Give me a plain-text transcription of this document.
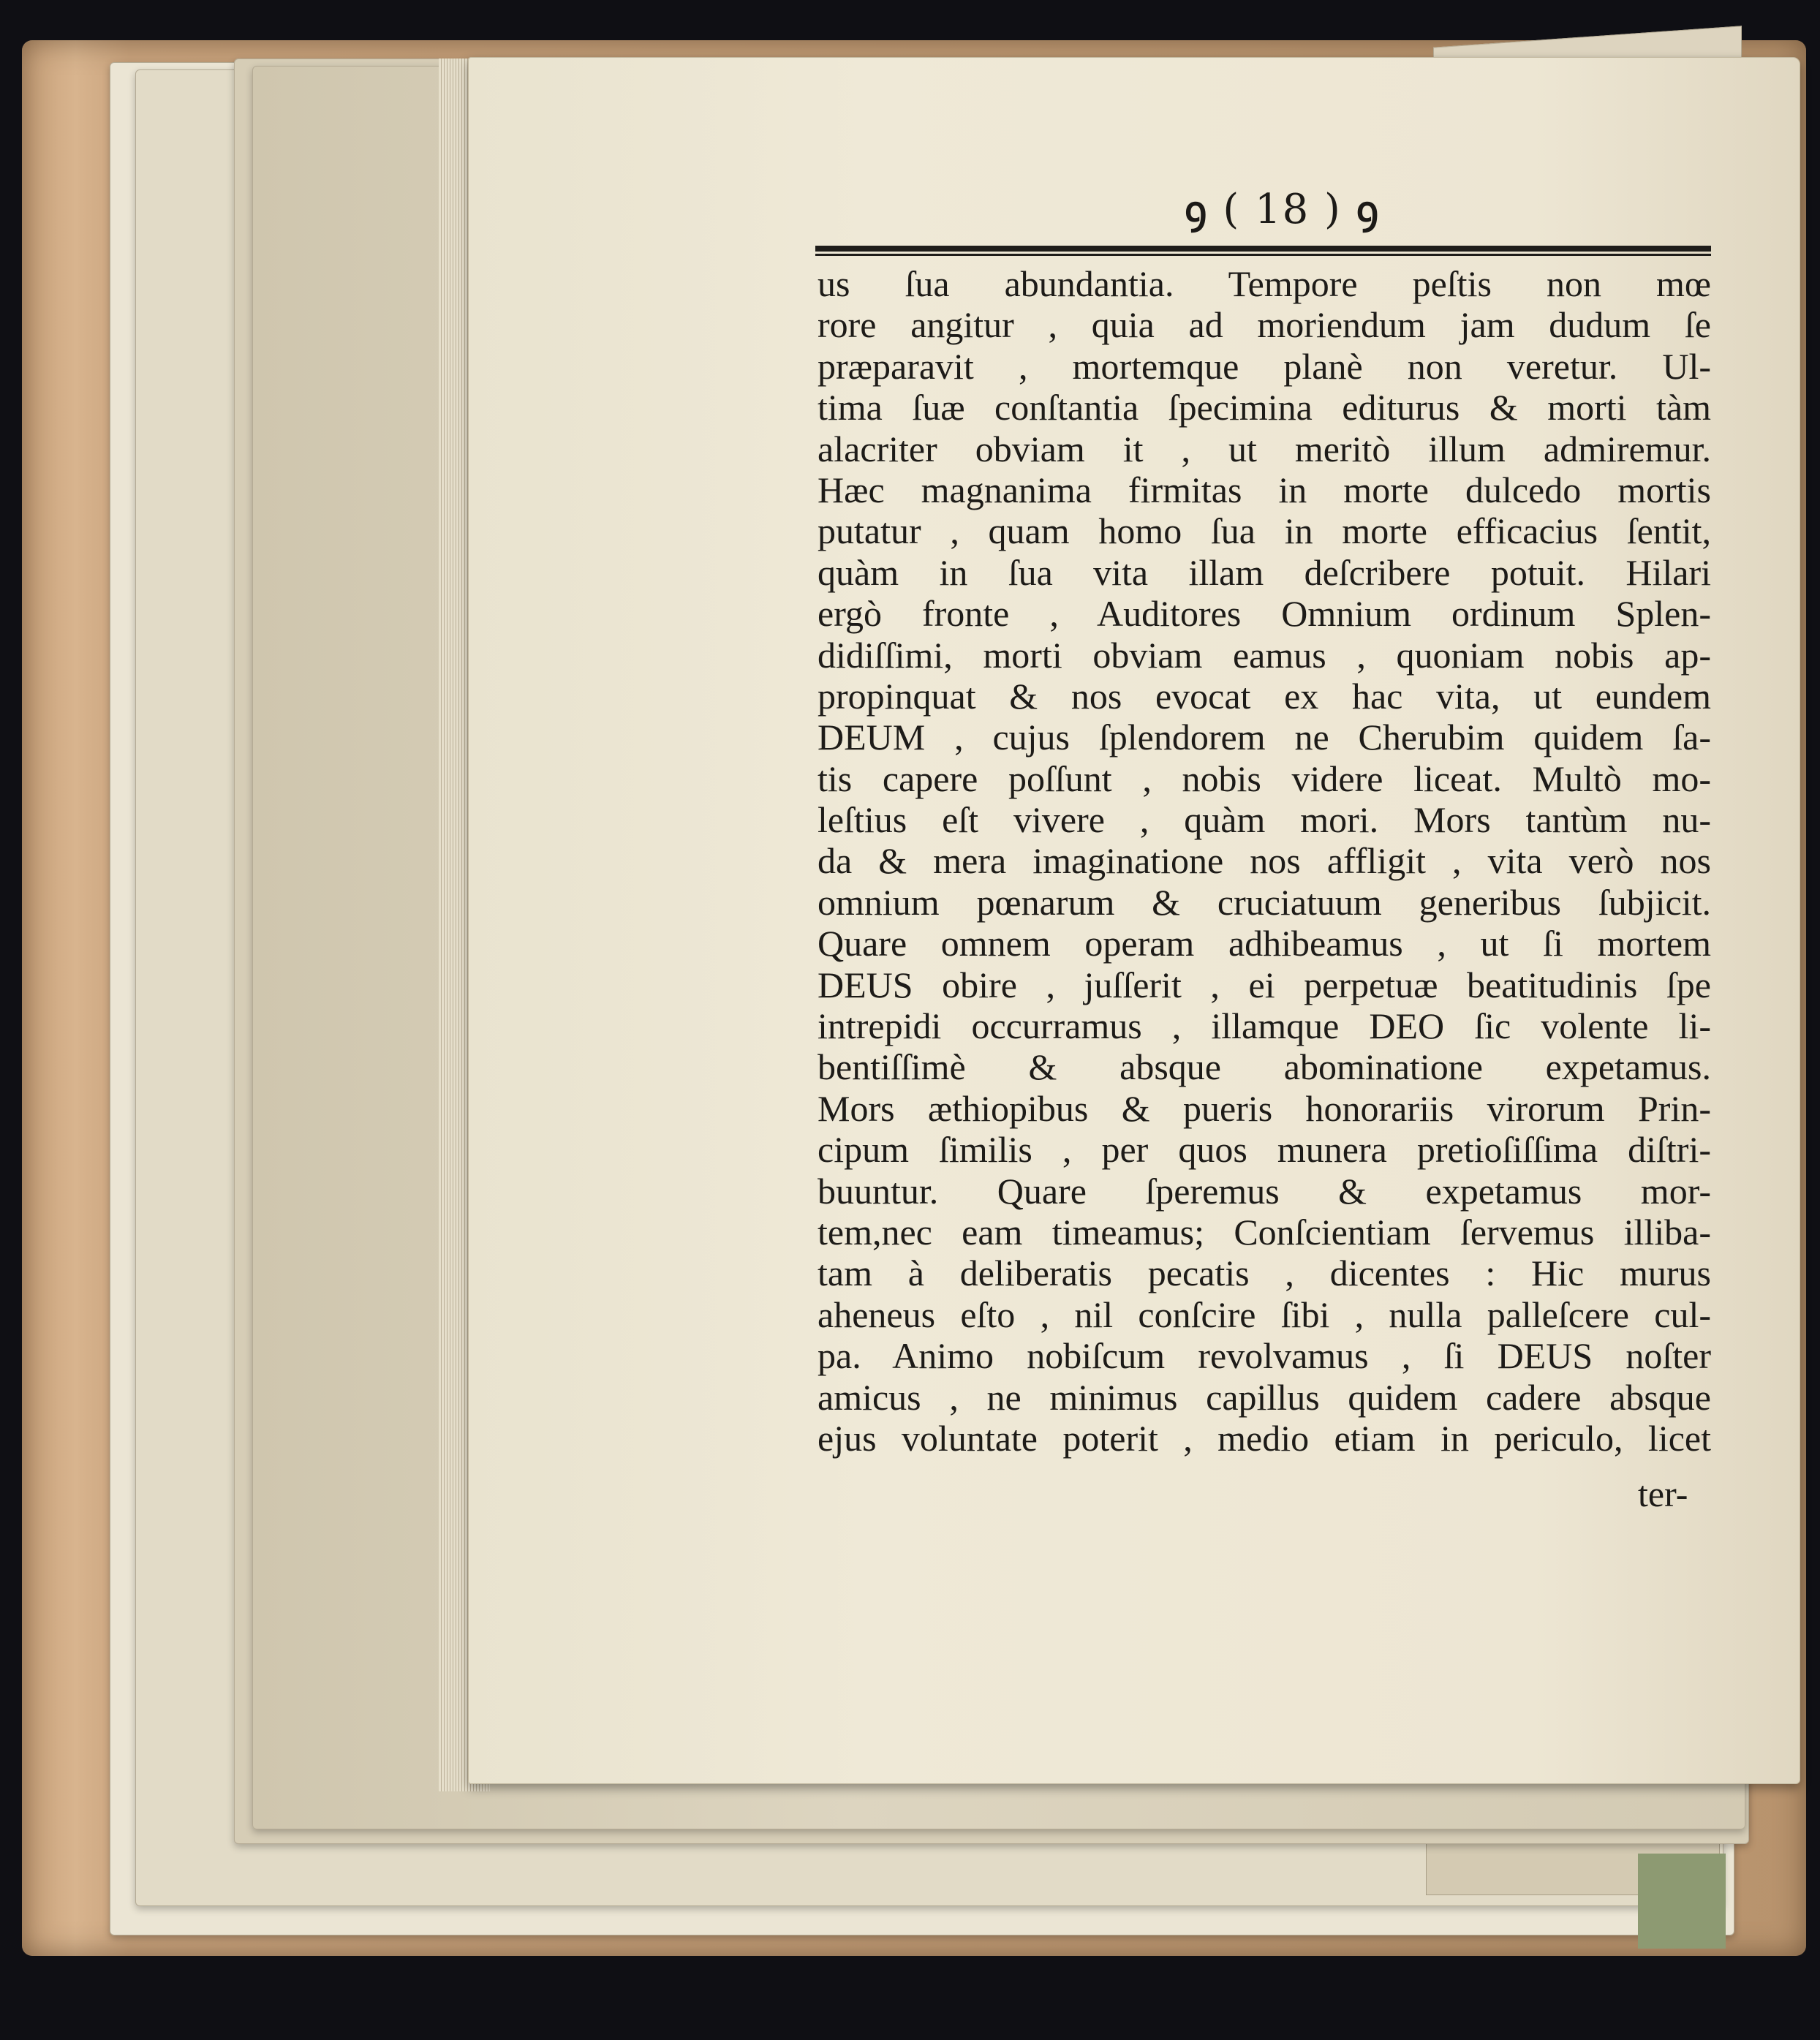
ꝯ ( 18 ) ꝯ
us ſua abundantia. Tempore peſtis non mœ
rore angitur , quia ad moriendum jam dudum ſe
præparavit , mortemque planè non veretur. Ul-
tima ſuæ conſtantia ſpecimina editurus & morti tàm
alacriter obviam it , ut meritò illum admiremur.
Hæc magnanima firmitas in morte dulcedo mortis
putatur , quam homo ſua in morte efficacius ſentit,
quàm in ſua vita illam deſcribere potuit. Hilari
ergò fronte , Auditores Omnium ordinum Splen-
didiſſimi, morti obviam eamus , quoniam nobis ap-
propinquat & nos evocat ex hac vita, ut eundem
DEUM , cujus ſplendorem ne Cherubim quidem ſa-
tis capere poſſunt , nobis videre liceat. Multò mo-
leſtius eſt vivere , quàm mori. Mors tantùm nu-
da & mera imaginatione nos affligit , vita verò nos
omnium pœnarum & cruciatuum generibus ſubjicit.
Quare omnem operam adhibeamus , ut ſi mortem
DEUS obire , juſſerit , ei perpetuæ beatitudinis ſpe
intrepidi occurramus , illamque DEO ſic volente li-
bentiſſimè & absque abominatione expetamus.
Mors æthiopibus & pueris honorariis virorum Prin-
cipum ſimilis , per quos munera pretioſiſſima diſtri-
buuntur. Quare ſperemus & expetamus mor-
tem,nec eam timeamus; Conſcientiam ſervemus illiba-
tam à deliberatis pecatis , dicentes : Hic murus
aheneus eſto , nil conſcire ſibi , nulla palleſcere cul-
pa. Animo nobiſcum revolvamus , ſi DEUS noſter
amicus , ne minimus capillus quidem cadere absque
ejus voluntate poterit , medio etiam in periculo, licet
ter-
